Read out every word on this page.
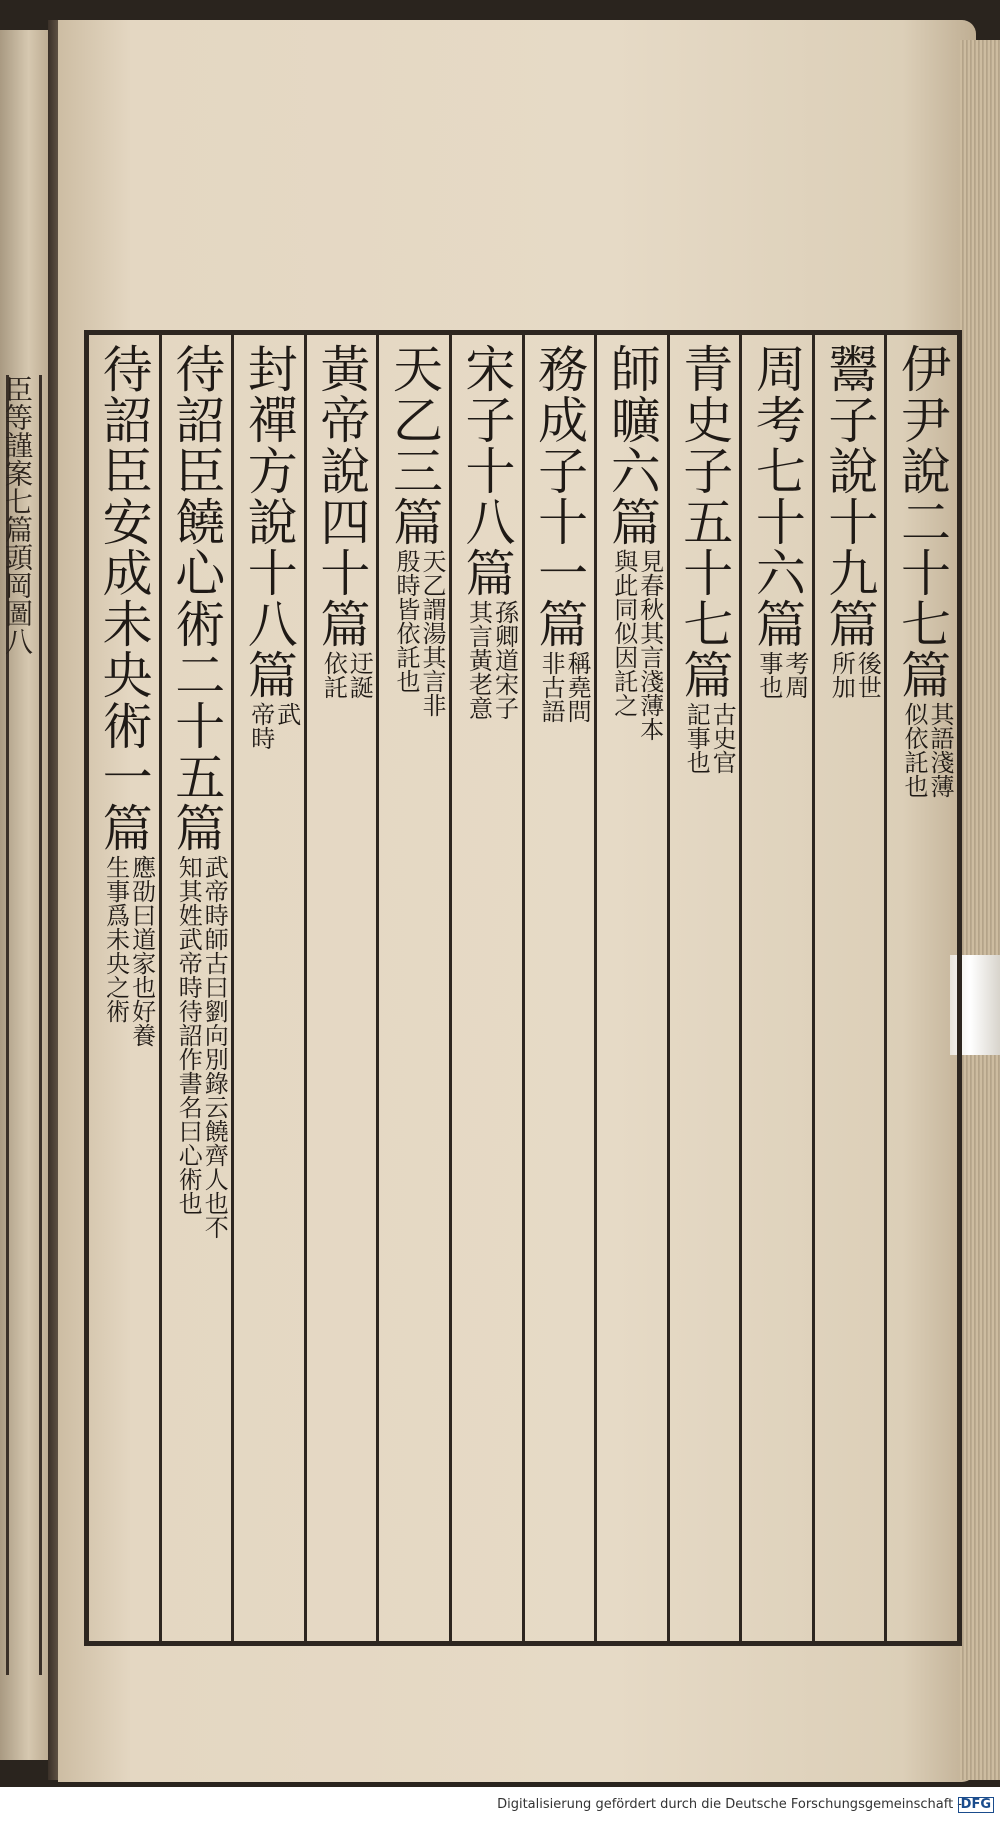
臣等謹案七篇頭岡圖八	伊尹說二十七篇
其語淺薄
似依託也
鬻子說十九篇
後世
所加
周考七十六篇
考周
事也
青史子五十七篇
古史官
記事也
師曠六篇
見春秋其言淺薄本
與此同似因託之
務成子十一篇
稱堯問
非古語
宋子十八篇
孫卿道宋子
其言黃老意
天乙三篇
天乙謂湯其言非
殷時皆依託也
黃帝說四十篇
迂誕
依託
封禪方說十八篇
武
帝時
待詔臣饒心術二十五篇
武帝時師古曰劉向別錄云饒齊人也不
知其姓武帝時待詔作書名曰心術也
待詔臣安成未央術一篇
應劭曰道家也好養
生事爲未央之術
Digitalisierung gefördert durch die Deutsche Forschungsgemeinschaft -
DFG
